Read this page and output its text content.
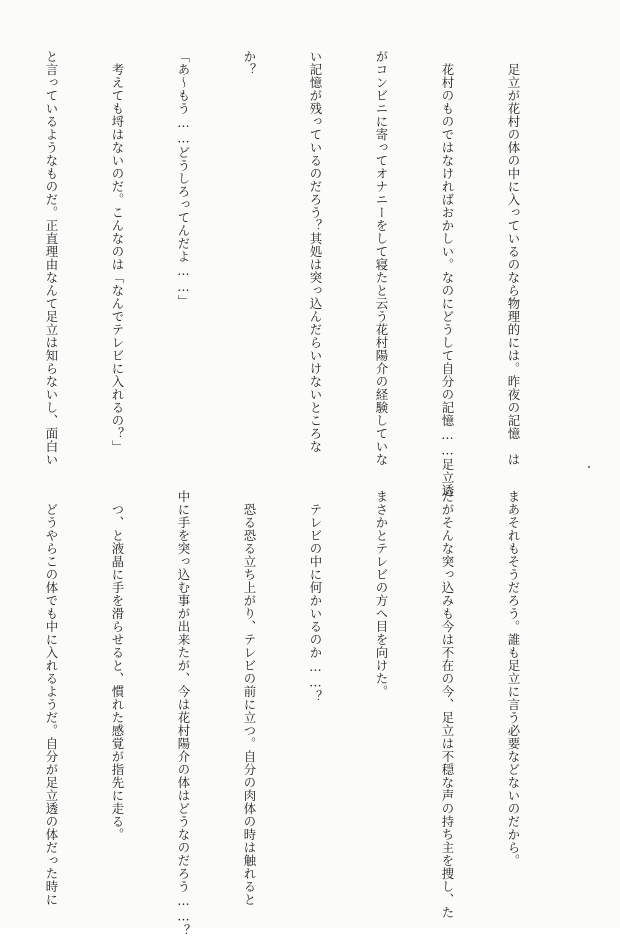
　足立が花村の体の中に入っているのなら物理的には。昨夜の記憶　は

　花村のものではなければおかしい。なのにどうして自分の記憶……足立透

がコンビニに寄ってオナニーをして寝たと云う花村陽介の経験していな

い記憶が残っているのだろう？其処は突っ込んだらいけないところな

か？

「あ〜もう……どうしろってんだよ……」

　考えても埒はないのだ。こんなのは「なんでテレビに入れるの？」

と言っているようなものだ。正直理由なんて足立は知らないし、面白い

まあそれもそうだろう。誰も足立に言う必要などないのだから。

だがそんな突っ込みも今は不在の今、足立は不穏な声の持ち主を捜し、た

まさかとテレビの方へ目を向けた。

　テレビの中に何かいるのか……？

　恐る恐る立ち上がり、テレビの前に立つ。自分の肉体の時は触れると

中に手を突っ込む事が出来たが、今は花村陽介の体はどうなのだろう……？

　つ、と液晶に手を滑らせると、慣れた感覚が指先に走る。

　どうやらこの体でも中に入れるようだ。自分が足立透の体だった時に
